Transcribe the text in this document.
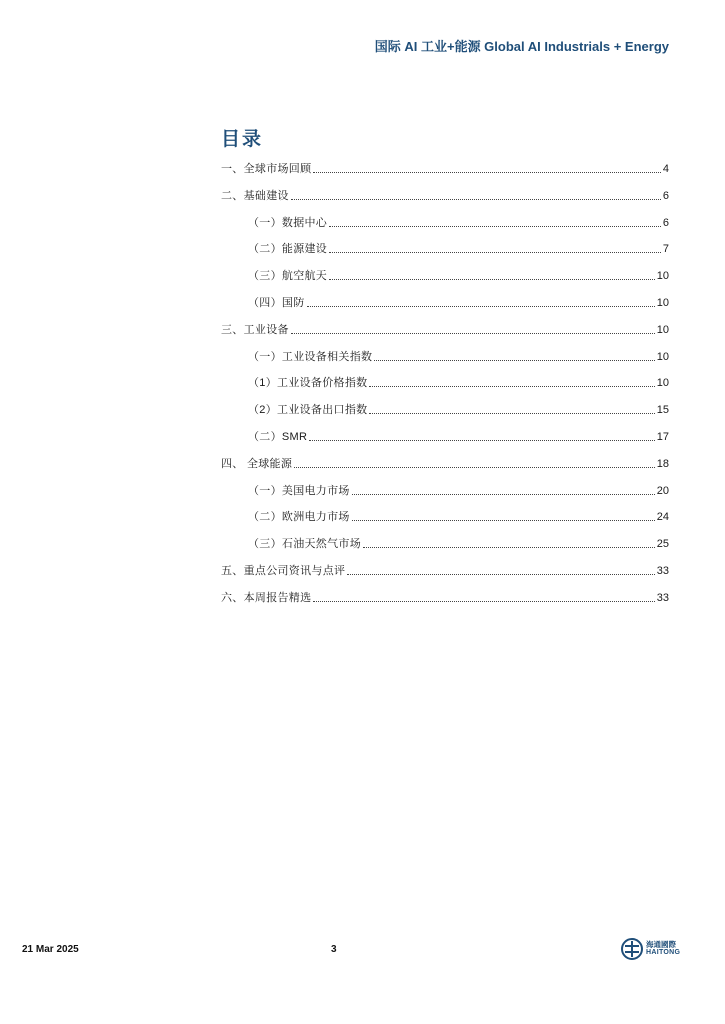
国际 AI 工业+能源 Global AI Industrials + Energy
目录
一、全球市场回顾	4
二、基础建设	6
（一）数据中心	6
（二）能源建设	7
（三）航空航天	10
（四）国防	10
三、工业设备	10
（一）工业设备相关指数	10
（1）工业设备价格指数	10
（2）工业设备出口指数	15
（二）SMR	17
四、 全球能源	18
（一）美国电力市场	20
（二）欧洲电力市场	24
（三）石油天然气市场	25
五、重点公司资讯与点评	33
六、本周报告精选	33
21 Mar 2025	3	海通國際
HAITONG
